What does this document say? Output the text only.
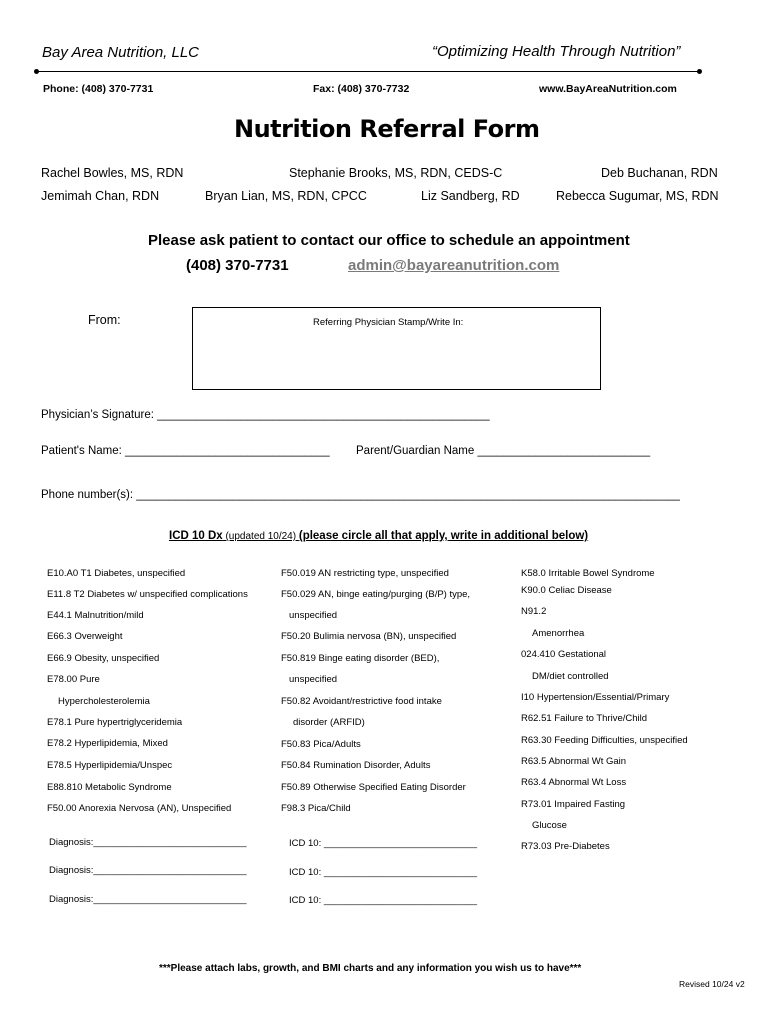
Bay Area Nutrition, LLC	“Optimizing Health Through Nutrition”
Phone: (408) 370-7731	Fax: (408) 370-7732	www.BayAreaNutrition.com
Nutrition Referral Form
Rachel Bowles, MS, RDN	Stephanie Brooks, MS, RDN, CEDS-C	Deb Buchanan, RDN
Jemimah Chan, RDN	Bryan Lian, MS, RDN, CPCC	Liz Sandberg, RD	Rebecca Sugumar, MS, RDN
Please ask patient to contact our office to schedule an appointment
(408) 370-7731	admin@bayareanutrition.com
From:	Referring Physician Stamp/Write In:
Physician’s Signature: ____________________________________________________
Patient's Name: ________________________________ Parent/Guardian Name ___________________________
Phone number(s): _____________________________________________________________________________________
ICD 10 Dx (updated 10/24) (please circle all that apply, write in additional below)
E10.A0 T1 Diabetes, unspecified
E11.8 T2 Diabetes w/ unspecified complications
E44.1 Malnutrition/mild
E66.3 Overweight
E66.9 Obesity, unspecified
E78.00 Pure
Hypercholesterolemia
E78.1 Pure hypertriglyceridemia
E78.2 Hyperlipidemia, Mixed
E78.5 Hyperlipidemia/Unspec
E88.810 Metabolic Syndrome
F50.00 Anorexia Nervosa (AN), Unspecified
F50.019 AN restricting type, unspecified
F50.029 AN, binge eating/purging (B/P) type,
unspecified
F50.20 Bulimia nervosa (BN), unspecified
F50.819 Binge eating disorder (BED),
unspecified
F50.82 Avoidant/restrictive food intake
disorder (ARFID)
F50.83 Pica/Adults
F50.84 Rumination Disorder, Adults
F50.89 Otherwise Specified Eating Disorder
F98.3 Pica/Child
K58.0 Irritable Bowel Syndrome
K90.0 Celiac Disease
N91.2
Amenorrhea
024.410 Gestational
DM/diet controlled
I10 Hypertension/Essential/Primary
R62.51 Failure to Thrive/Child
R63.30 Feeding Difficulties, unspecified
R63.5 Abnormal Wt Gain
R63.4 Abnormal Wt Loss
R73.01 Impaired Fasting
Glucose
R73.03 Pre-Diabetes
Diagnosis:_____________________________	ICD 10: _____________________________
Diagnosis:_____________________________	ICD 10: _____________________________
Diagnosis:_____________________________	ICD 10: _____________________________
***Please attach labs, growth, and BMI charts and any information you wish us to have***
Revised 10/24 v2
